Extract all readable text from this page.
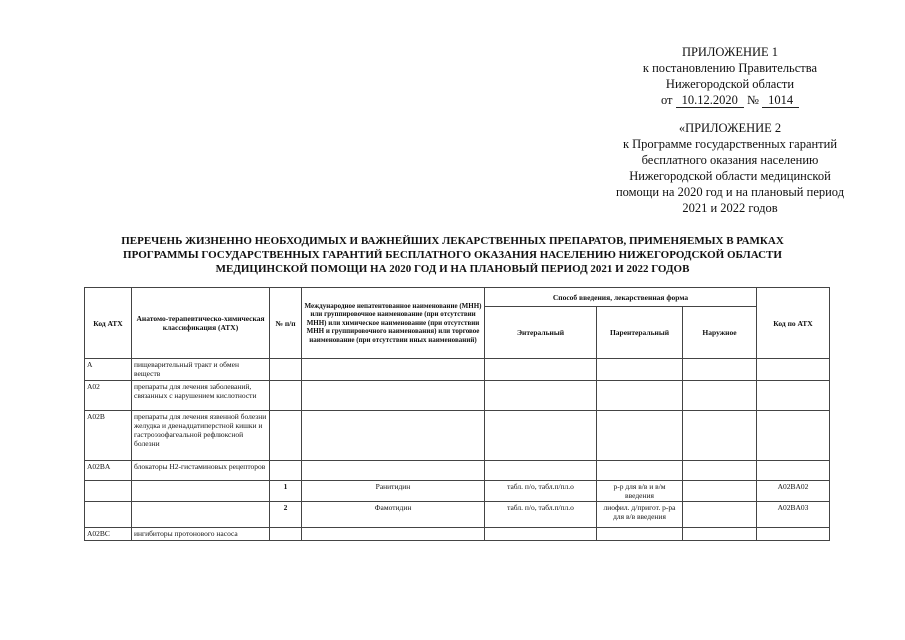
ПРИЛОЖЕНИЕ 1
к постановлению Правительства
Нижегородской области
от 10.12.2020 № 1014
«ПРИЛОЖЕНИЕ 2
к Программе государственных гарантий
бесплатного оказания населению
Нижегородской области медицинской
помощи на 2020 год и на плановый период
2021 и 2022 годов
ПЕРЕЧЕНЬ ЖИЗНЕННО НЕОБХОДИМЫХ И ВАЖНЕЙШИХ ЛЕКАРСТВЕННЫХ ПРЕПАРАТОВ, ПРИМЕНЯЕМЫХ В РАМКАХ
ПРОГРАММЫ ГОСУДАРСТВЕННЫХ ГАРАНТИЙ БЕСПЛАТНОГО ОКАЗАНИЯ НАСЕЛЕНИЮ НИЖЕГОРОДСКОЙ ОБЛАСТИ
МЕДИЦИНСКОЙ ПОМОЩИ НА 2020 ГОД И НА ПЛАНОВЫЙ ПЕРИОД 2021 И 2022 ГОДОВ
Код АТХ	Анатомо-терапевтическо-химическая классификация (АТХ)	№ п/п	Международное непатентованное наименование (МНН) или группировочное наименование (при отсутствии МНН) или химическое наименование (при отсутствии МНН и группировочного наименования) или торговое наименование (при отсутствии иных наименований)	Способ введения, лекарственная форма			Код по АТХ
				Энтеральный	Парентеральный	Наружное	
A	пищеварительный тракт и обмен веществ						
A02	препараты для лечения заболеваний, связанных с нарушением кислотности						
A02B	препараты для лечения язвенной болезни желудка и двенадцатиперстной кишки и гастроэзофагеальной рефлюксной болезни						
A02BA	блокаторы Н2-гистаминовых рецепторов						
		1	Ранитидин	табл. п/о, табл.п/пл.о	р-р для в/в и в/м введения		A02BA02
		2	Фамотидин	табл. п/о, табл.п/пл.о	лиофил. д/пригот. р-ра для в/в введения		A02BA03
A02BC	ингибиторы протонового насоса						
